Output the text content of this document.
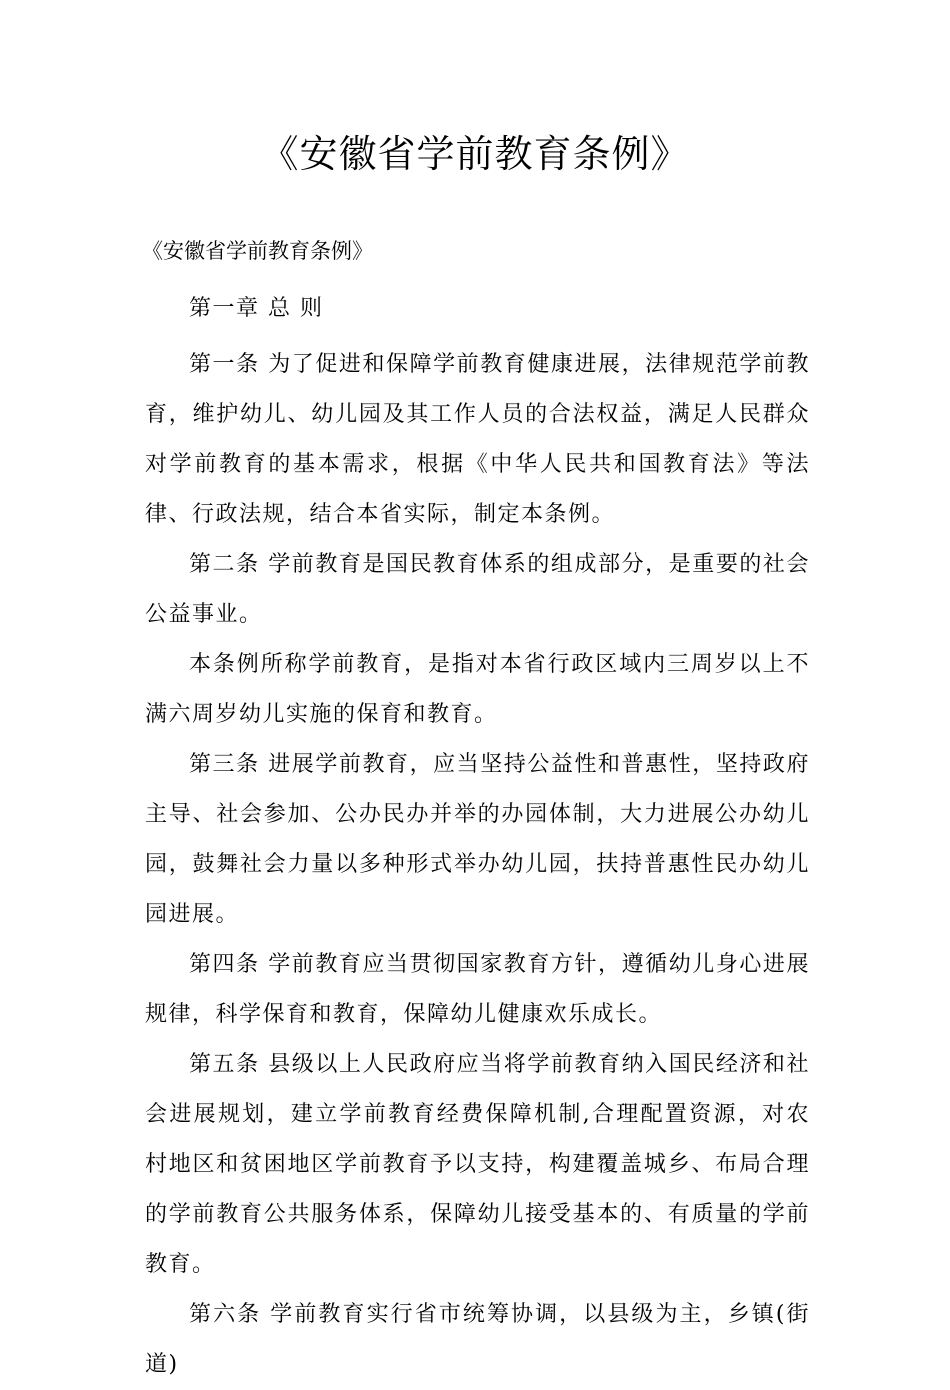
《安徽省学前教育条例》

《安徽省学前教育条例》

第一章 总 则

第一条 为了促进和保障学前教育健康进展，法律规范学前教育，维护幼儿、幼儿园及其工作人员的合法权益，满足人民群众对学前教育的基本需求，根据《中华人民共和国教育法》等法律、行政法规，结合本省实际，制定本条例。

第二条 学前教育是国民教育体系的组成部分，是重要的社会公益事业。

本条例所称学前教育，是指对本省行政区域内三周岁以上不满六周岁幼儿实施的保育和教育。

第三条 进展学前教育，应当坚持公益性和普惠性，坚持政府主导、社会参加、公办民办并举的办园体制，大力进展公办幼儿园，鼓舞社会力量以多种形式举办幼儿园，扶持普惠性民办幼儿园进展。

第四条 学前教育应当贯彻国家教育方针，遵循幼儿身心进展规律，科学保育和教育，保障幼儿健康欢乐成长。

第五条 县级以上人民政府应当将学前教育纳入国民经济和社会进展规划，建立学前教育经费保障机制,合理配置资源，对农村地区和贫困地区学前教育予以支持，构建覆盖城乡、布局合理的学前教育公共服务体系，保障幼儿接受基本的、有质量的学前教育。

第六条 学前教育实行省市统筹协调，以县级为主，乡镇(街道)
